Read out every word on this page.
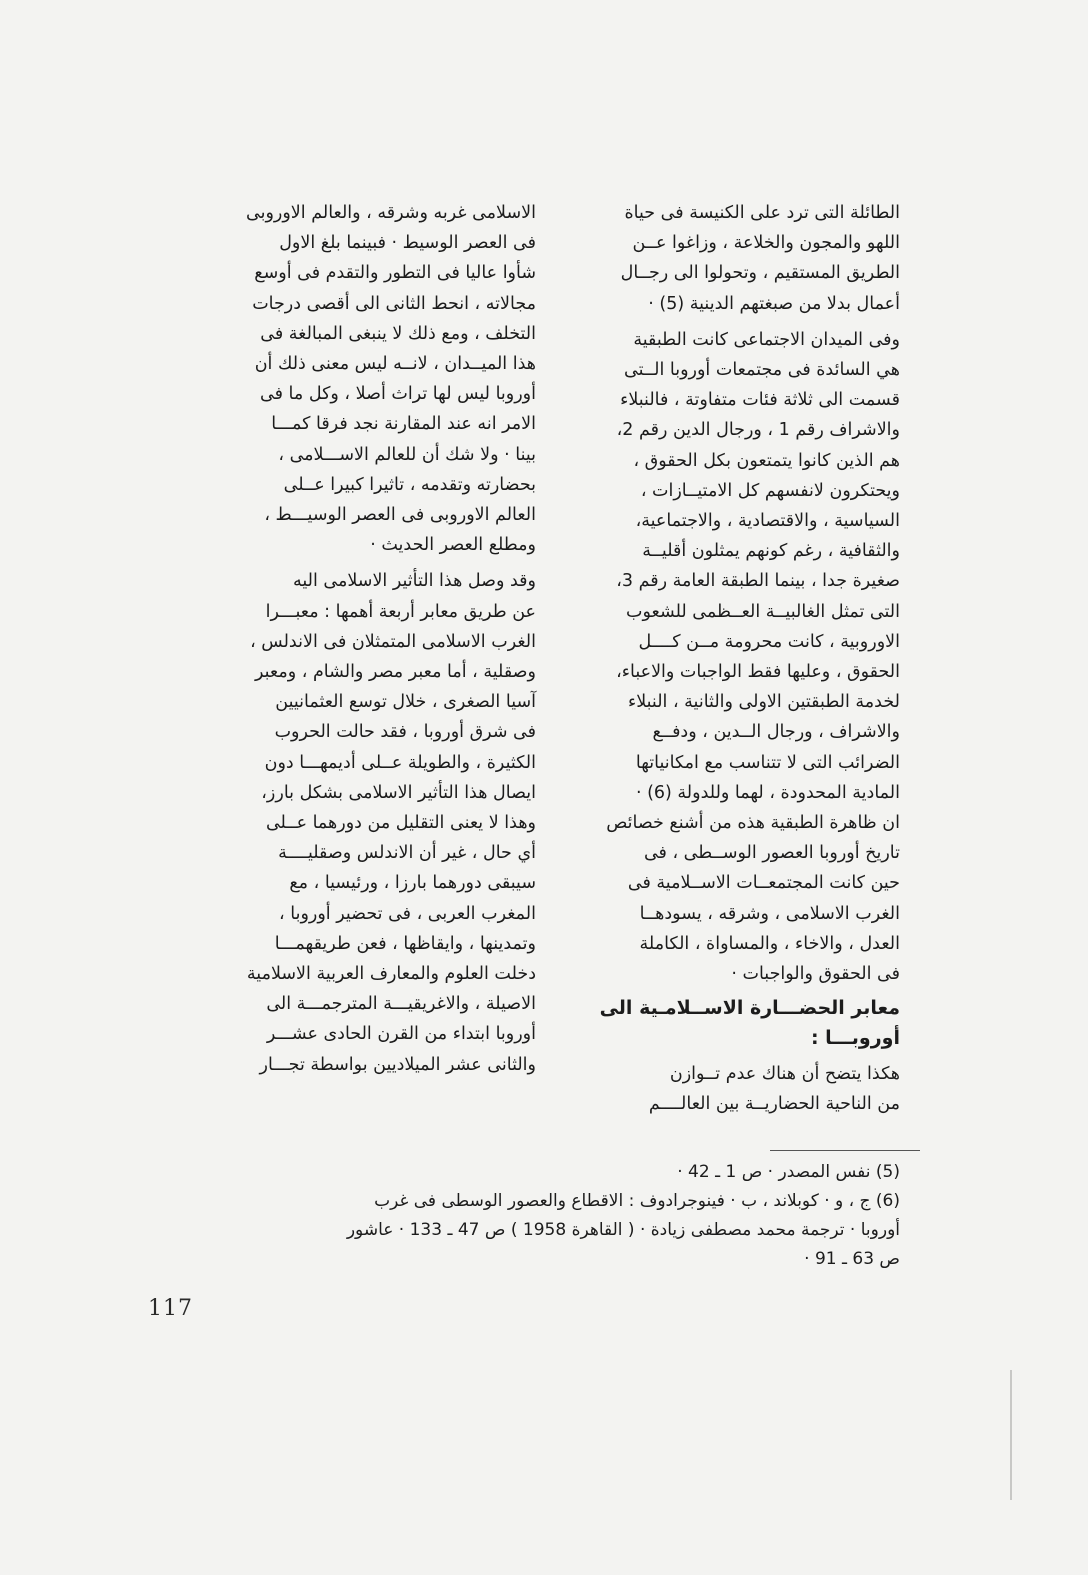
الطائلة التى ترد على الكنيسة فى حياة
اللهو والمجون والخلاعة ، وزاغوا عــن
الطريق المستقيم ، وتحولوا الى رجــال
أعمال بدلا من صبغتهم الدينية (5) ·

وفى الميدان الاجتماعى كانت الطبقية
هي السائدة فى مجتمعات أوروبا الــتى
قسمت الى ثلاثة فئات متفاوتة ، فالنبلاء
والاشراف رقم 1 ، ورجال الدين رقم 2،
هم الذين كانوا يتمتعون بكل الحقوق ،
ويحتكرون لانفسهم كل الامتيــازات ،
السياسية ، والاقتصادية ، والاجتماعية،
والثقافية ، رغم كونهم يمثلون أقليــة
صغيرة جدا ، بينما الطبقة العامة رقم 3،
التى تمثل الغالبيــة العــظمى للشعوب
الاوروبية ، كانت محرومة مــن كــــل
الحقوق ، وعليها فقط الواجبات والاعباء،
لخدمة الطبقتين الاولى والثانية ، النبلاء
والاشراف ، ورجال الــدين ، ودفــع
الضرائب التى لا تتناسب مع امكانياتها
المادية المحدودة ، لهما وللدولة (6) ·
ان ظاهرة الطبقية هذه من أشنع خصائص
تاريخ أوروبا العصور الوســطى ، فى
حين كانت المجتمعــات الاســلامية فى
الغرب الاسلامى ، وشرقه ، يسودهــا
العدل ، والاخاء ، والمساواة ، الكاملة
فى الحقوق والواجبات ·

معابر الحضـــارة الاســلامـية الى
أوروبـــا :

هكذا يتضح أن هناك عدم تــوازن
من الناحية الحضاريــة بين العالــــم

الاسلامى غربه وشرقه ، والعالم الاوروبى
فى العصر الوسيط · فبينما بلغ الاول
شأوا عاليا فى التطور والتقدم فى أوسع
مجالاته ، انحط الثانى الى أقصى درجات
التخلف ، ومع ذلك لا ينبغى المبالغة فى
هذا الميــدان ، لانــه ليس معنى ذلك أن
أوروبا ليس لها تراث أصلا ، وكل ما فى
الامر انه عند المقارنة نجد فرقا كمـــا
بينا · ولا شك أن للعالم الاســـلامى ،
بحضارته وتقدمه ، تاثيرا كبيرا عــلى
العالم الاوروبى فى العصر الوسيـــط ،
ومطلع العصر الحديث ·

وقد وصل هذا التأثير الاسلامى اليه
عن طريق معابر أربعة أهمها : معبـــرا
الغرب الاسلامى المتمثلان فى الاندلس ،
وصقلية ، أما معبر مصر والشام ، ومعبر
آسيا الصغرى ، خلال توسع العثمانيين
فى شرق أوروبا ، فقد حالت الحروب
الكثيرة ، والطويلة عــلى أديمهـــا دون
ايصال هذا التأثير الاسلامى بشكل بارز،
وهذا لا يعنى التقليل من دورهما عــلى
أي حال ، غير أن الاندلس وصقليــــة
سيبقى دورهما بارزا ، ورئيسيا ، مع
المغرب العربى ، فى تحضير أوروبا ،
وتمدينها ، وايقاظها ، فعن طريقهمـــا
دخلت العلوم والمعارف العربية الاسلامية
الاصيلة ، والاغريقيـــة المترجمـــة الى
أوروبا ابتداء من القرن الحادى عشـــر
والثانى عشر الميلاديين بواسطة تجـــار

(5) نفس المصدر · ص 1 ـ 42 ·
(6) ج ، و · كوبلاند ، ب · فينوجرادوف : الاقطاع والعصور الوسطى فى غرب
أوروبا · ترجمة محمد مصطفى زيادة · ( القاهرة 1958 ) ص 47 ـ 133 · عاشور
ص 63 ـ 91 ·
117
